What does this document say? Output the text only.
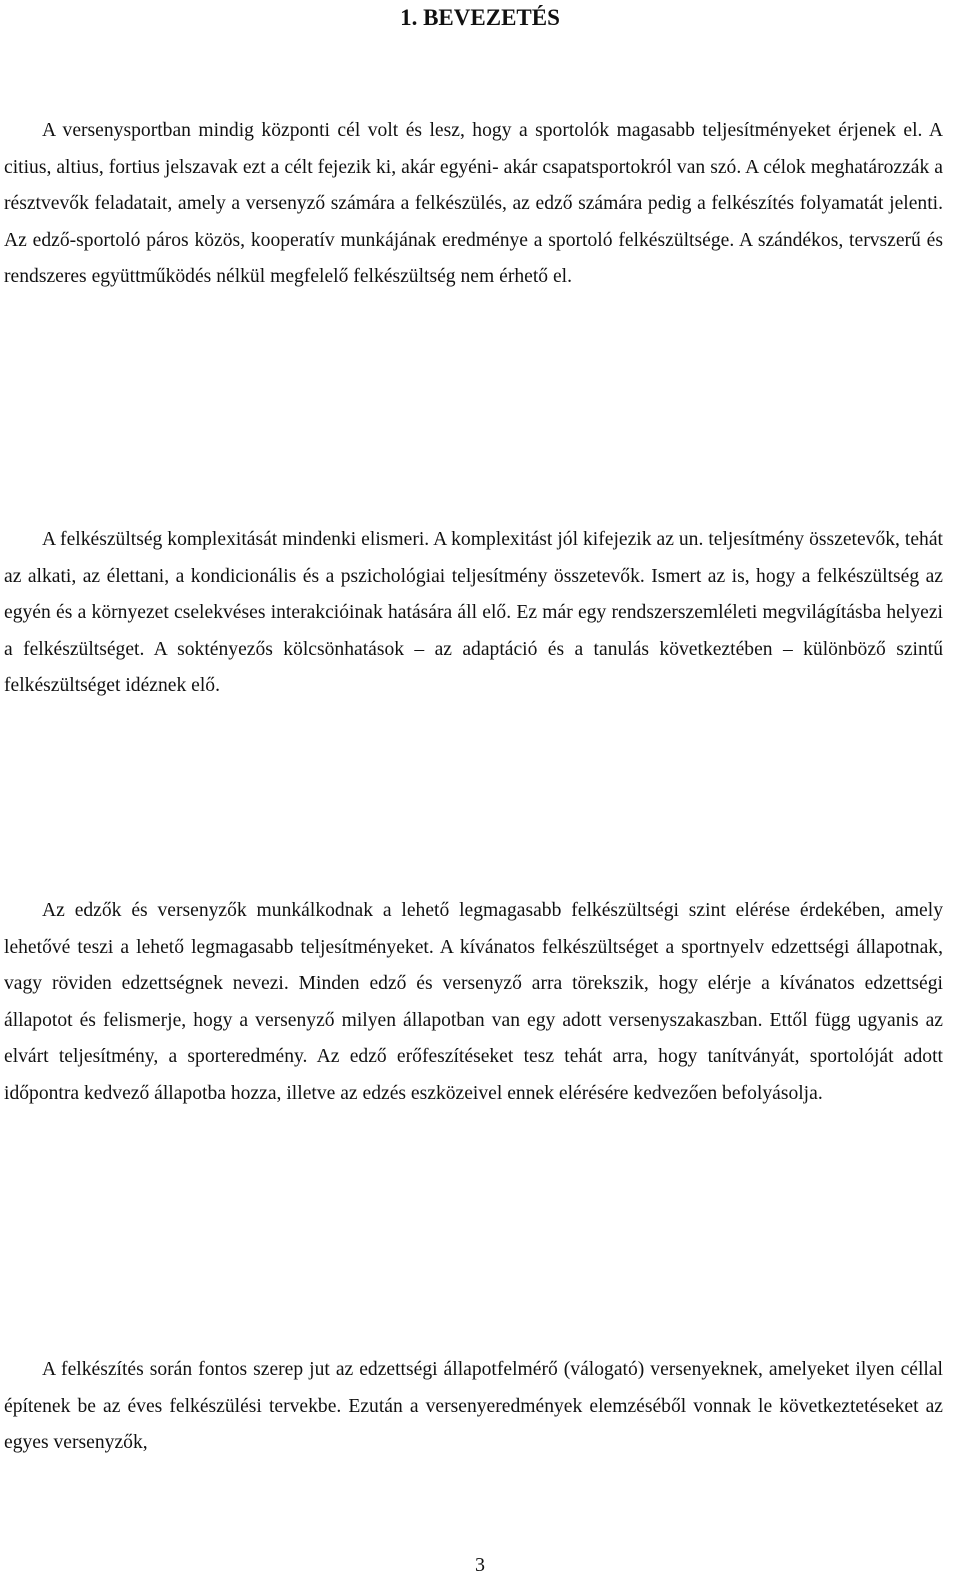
1. BEVEZETÉS

A versenysportban mindig központi cél volt és lesz, hogy a sportolók magasabb teljesítményeket érjenek el. A citius, altius, fortius jelszavak ezt a célt fejezik ki, akár egyéni- akár csapatsportokról van szó. A célok meghatározzák a résztvevők feladatait, amely a versenyző számára a felkészülés, az edző számára pedig a felkészítés folyamatát jelenti. Az edző-sportoló páros közös, kooperatív munkájának eredménye a sportoló felkészültsége. A szándékos, tervszerű és rendszeres együttműködés nélkül megfelelő felkészültség nem érhető el.

A felkészültség komplexitását mindenki elismeri. A komplexitást jól kifejezik az un. teljesítmény összetevők, tehát az alkati, az élettani, a kondicionális és a pszichológiai teljesítmény összetevők. Ismert az is, hogy a felkészültség az egyén és a környezet cselekvéses interakcióinak hatására áll elő. Ez már egy rendszerszemléleti megvilágításba helyezi a felkészültséget. A soktényezős kölcsönhatások – az adaptáció és a tanulás következtében – különböző szintű felkészültséget idéznek elő.

Az edzők és versenyzők munkálkodnak a lehető legmagasabb felkészültségi szint elérése érdekében, amely lehetővé teszi a lehető legmagasabb teljesítményeket. A kívánatos felkészültséget a sportnyelv edzettségi állapotnak, vagy röviden edzettségnek nevezi. Minden edző és versenyző arra törekszik, hogy elérje a kívánatos edzettségi állapotot és felismerje, hogy a versenyző milyen állapotban van egy adott versenyszakaszban. Ettől függ ugyanis az elvárt teljesítmény, a sporteredmény. Az edző erőfeszítéseket tesz tehát arra, hogy tanítványát, sportolóját adott időpontra kedvező állapotba hozza, illetve az edzés eszközeivel ennek elérésére kedvezően befolyásolja.

A felkészítés során fontos szerep jut az edzettségi állapotfelmérő (válogató) versenyeknek, amelyeket ilyen céllal építenek be az éves felkészülési tervekbe. Ezután a versenyeredmények elemzéséből vonnak le következtetéseket az egyes versenyzők,

3
